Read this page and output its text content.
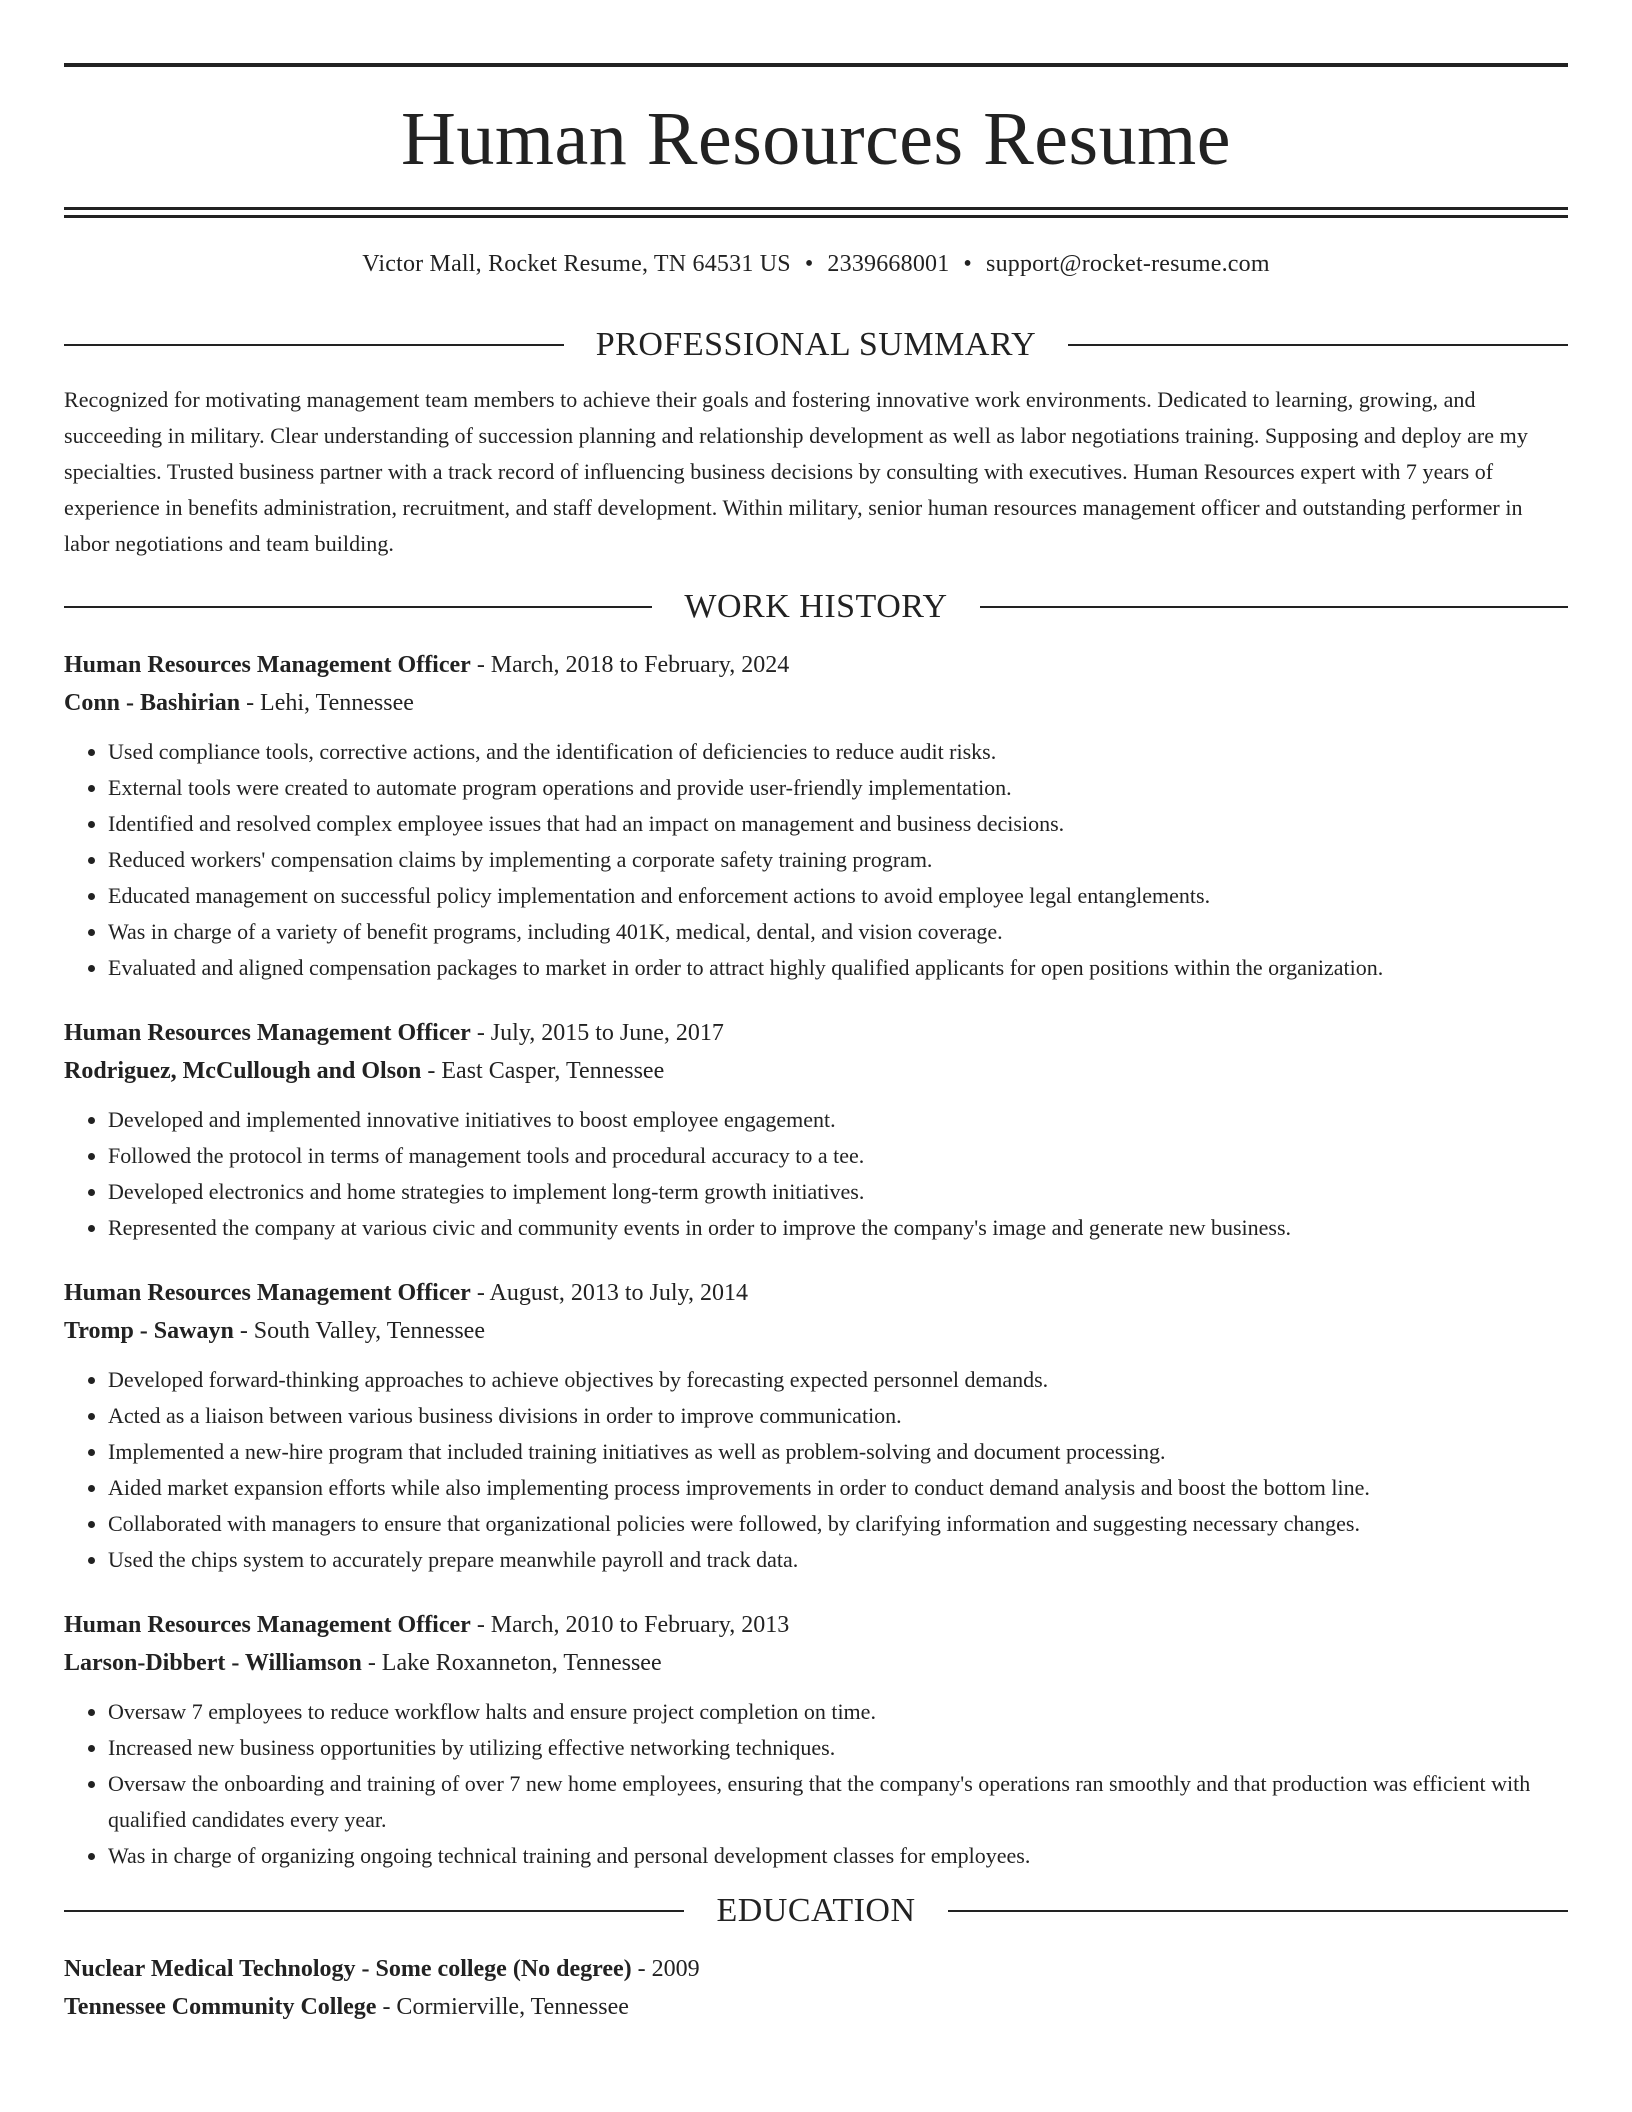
Human Resources Resume
Victor Mall, Rocket Resume, TN 64531 US • 2339668001 • support@rocket-resume.com
PROFESSIONAL SUMMARY
Recognized for motivating management team members to achieve their goals and fostering innovative work environments. Dedicated to learning, growing, and succeeding in military. Clear understanding of succession planning and relationship development as well as labor negotiations training. Supposing and deploy are my specialties. Trusted business partner with a track record of influencing business decisions by consulting with executives. Human Resources expert with 7 years of experience in benefits administration, recruitment, and staff development. Within military, senior human resources management officer and outstanding performer in labor negotiations and team building.
WORK HISTORY
Human Resources Management Officer - March, 2018 to February, 2024
Conn - Bashirian - Lehi, Tennessee
• Used compliance tools, corrective actions, and the identification of deficiencies to reduce audit risks.
• External tools were created to automate program operations and provide user-friendly implementation.
• Identified and resolved complex employee issues that had an impact on management and business decisions.
• Reduced workers' compensation claims by implementing a corporate safety training program.
• Educated management on successful policy implementation and enforcement actions to avoid employee legal entanglements.
• Was in charge of a variety of benefit programs, including 401K, medical, dental, and vision coverage.
• Evaluated and aligned compensation packages to market in order to attract highly qualified applicants for open positions within the organization.
Human Resources Management Officer - July, 2015 to June, 2017
Rodriguez, McCullough and Olson - East Casper, Tennessee
• Developed and implemented innovative initiatives to boost employee engagement.
• Followed the protocol in terms of management tools and procedural accuracy to a tee.
• Developed electronics and home strategies to implement long-term growth initiatives.
• Represented the company at various civic and community events in order to improve the company's image and generate new business.
Human Resources Management Officer - August, 2013 to July, 2014
Tromp - Sawayn - South Valley, Tennessee
• Developed forward-thinking approaches to achieve objectives by forecasting expected personnel demands.
• Acted as a liaison between various business divisions in order to improve communication.
• Implemented a new-hire program that included training initiatives as well as problem-solving and document processing.
• Aided market expansion efforts while also implementing process improvements in order to conduct demand analysis and boost the bottom line.
• Collaborated with managers to ensure that organizational policies were followed, by clarifying information and suggesting necessary changes.
• Used the chips system to accurately prepare meanwhile payroll and track data.
Human Resources Management Officer - March, 2010 to February, 2013
Larson-Dibbert - Williamson - Lake Roxanneton, Tennessee
• Oversaw 7 employees to reduce workflow halts and ensure project completion on time.
• Increased new business opportunities by utilizing effective networking techniques.
• Oversaw the onboarding and training of over 7 new home employees, ensuring that the company's operations ran smoothly and that production was efficient with qualified candidates every year.
• Was in charge of organizing ongoing technical training and personal development classes for employees.
EDUCATION
Nuclear Medical Technology - Some college (No degree) - 2009
Tennessee Community College - Cormierville, Tennessee
